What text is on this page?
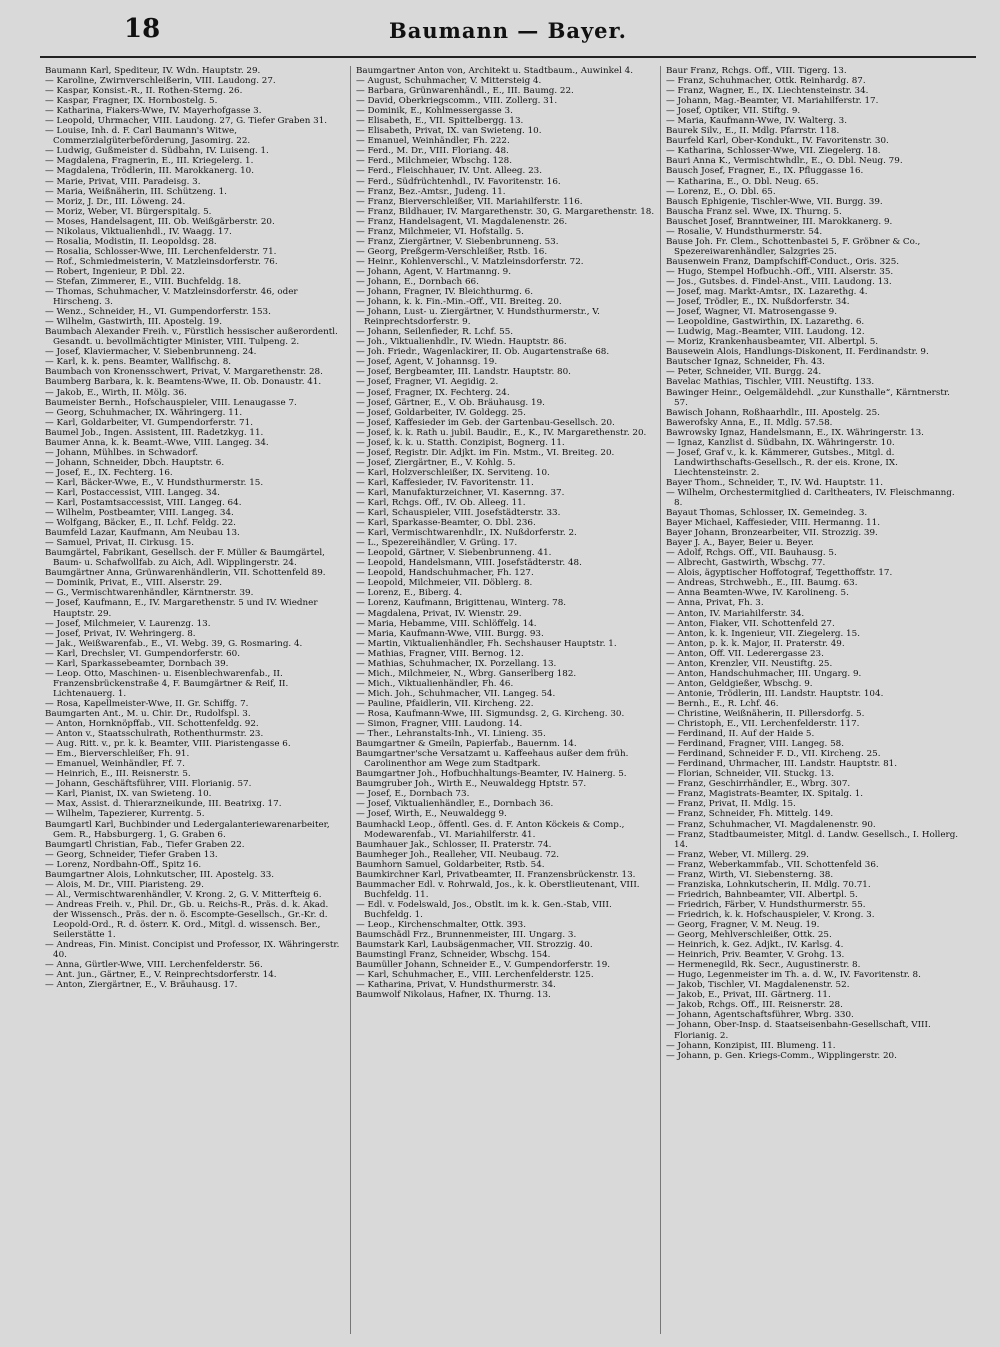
18	Baumann — Bayer.
Baumann Karl, Spediteur, IV. Wdn. Hauptstr. 29.
— Karoline, Zwirnverschleißerin, VIII. Laudong. 27.
— Kaspar, Konsist.-R., II. Rothen-Sterng. 26.
— Kaspar, Fragner, IX. Hornbostelg. 5.
— Katharina, Fiakers-Wwe, IV. Mayerhofgasse 3.
— Leopold, Uhrmacher, VIII. Laudong. 27, G. Tiefer Graben 31.
— Louise, Inh. d. F. Carl Baumann's Witwe, Commerzialgüterbeförderung, Jasomirg. 22.
— Ludwig, Gußmeister d. Südbahn, IV. Luiseng. 1.
— Magdalena, Fragnerin, E., III. Kriegelerg. 1.
— Magdalena, Trödlerin, III. Marokkanerg. 10.
— Marie, Privat, VIII. Paradeisg. 3.
— Maria, Weißnäherin, III. Schützeng. 1.
— Moriz, J. Dr., III. Löweng. 24.
— Moriz, Weber, VI. Bürgerspitalg. 5.
— Moses, Handelsagent, III. Ob. Weißgärberstr. 20.
— Nikolaus, Viktualienhdl., IV. Waagg. 17.
— Rosalia, Modistin, II. Leopoldsg. 28.
— Rosalia, Schlosser-Wwe, III. Lerchenfelderstr. 71.
— Rof., Schmiedmeisterin, V. Matzleinsdorferstr. 76.
— Robert, Ingenieur, P. Dbl. 22.
— Stefan, Zimmerer, E., VIII. Buchfeldg. 18.
— Thomas, Schuhmacher, V. Matzleinsdorferstr. 46, oder Hirscheng. 3.
— Wenz., Schneider, H., VI. Gumpendorferstr. 153.
— Wilhelm, Gastwirth, III. Apostelg. 19.
Baumbach Alexander Freih. v., Fürstlich hessischer außerordentl. Gesandt. u. bevollmächtigter Minister, VIII. Tulpeng. 2.
— Josef, Klaviermacher, V. Siebenbrunneng. 24.
— Karl, k. k. pens. Beamter, Wallfischg. 8.
Baumbach von Kronensschwert, Privat, V. Margarethenstr. 28.
Baumberg Barbara, k. k. Beamtens-Wwe, II. Ob. Donaustr. 41.
— Jakob, E., Wirth, II. Mölg. 36.
Baumeister Bernh., Hofschauspieler, VIII. Lenaugasse 7.
— Georg, Schuhmacher, IX. Währingerg. 11.
— Karl, Goldarbeiter, VI. Gumpendorferstr. 71.
Baumel Job., Ingen. Assistent, III. Radetzkyg. 11.
Baumer Anna, k. k. Beamt.-Wwe, VIII. Langeg. 34.
— Johann, Mühlbes. in Schwadorf.
— Johann, Schneider, Dbch. Hauptstr. 6.
— Josef, E., IX. Fechterg. 16.
— Karl, Bäcker-Wwe, E., V. Hundsthurmerstr. 15.
— Karl, Postaccessist, VIII. Langeg. 34.
— Karl, Postamtsaccessist, VIII. Langeg. 64.
— Wilhelm, Postbeamter, VIII. Langeg. 34.
— Wolfgang, Bäcker, E., II. Lchf. Feldg. 22.
Baumfeld Lazar, Kaufmann, Am Neubau 13.
— Samuel, Privat, II. Cirkusg. 15.
Baumgärtel, Fabrikant, Gesellsch. der F. Müller & Baumgärtel, Baum- u. Schafwollfab. zu Aich, Adl. Wipplingerstr. 24.
Baumgärtner Anna, Grünwarenhändlerin, VII. Schottenfeld 89.
— Dominik, Privat, E., VIII. Alserstr. 29.
— G., Vermischtwarenhändler, Kärntnerstr. 39.
— Josef, Kaufmann, E., IV. Margarethenstr. 5 und IV. Wiedner Hauptstr. 29.
— Josef, Milchmeier, V. Laurenzg. 13.
— Josef, Privat, IV. Wehringerg. 8.
— Jak., Weißwarenfab., E., VI. Webg. 39, G. Rosmaring. 4.
— Karl, Drechsler, VI. Gumpendorferstr. 60.
— Karl, Sparkassebeamter, Dornbach 39.
— Leop. Otto, Maschinen- u. Eisenblechwarenfab., II. Franzensbrückenstraße 4, F. Baumgärtner & Reif, II. Lichtenauerg. 1.
— Rosa, Kapellmeister-Wwe, II. Gr. Schiffg. 7.
Baumgarten Ant., M. u. Chir. Dr., Rudolfspl. 3.
— Anton, Hornknöpffab., VII. Schottenfeldg. 92.
— Anton v., Staatsschulrath, Rothenthurmstr. 23.
— Aug. Ritt. v., pr. k. k. Beamter, VIII. Piaristengasse 6.
— Em., Bierverschleißer, Fh. 91.
— Emanuel, Weinhändler, Ff. 7.
— Heinrich, E., III. Reisnerstr. 5.
— Johann, Geschäftsführer, VIII. Florianig. 57.
— Karl, Pianist, IX. van Swieteng. 10.
— Max, Assist. d. Thierarzneikunde, III. Beatrixg. 17.
— Wilhelm, Tapezierer, Kurrentg. 5.
Baumgartl Karl, Buchbinder und Ledergalanteriewarenarbeiter, Gem. R., Habsburgerg. 1, G. Graben 6.
Baumgartl Christian, Fab., Tiefer Graben 22.
— Georg, Schneider, Tiefer Graben 13.
— Lorenz, Nordbahn-Off., Spitz 16.
Baumgartner Alois, Lohnkutscher, III. Apostelg. 33.
— Alois, M. Dr., VIII. Piaristeng. 29.
— Al., Vermischtwarenhändler, V. Krong. 2, G. V. Mitterfteig 6.
— Andreas Freih. v., Phil. Dr., Gb. u. Reichs-R., Präs. d. k. Akad. der Wissensch., Präs. der n. ö. Escompte-Gesellsch., Gr.-Kr. d. Leopold-Ord., R. d. österr. K. Ord., Mitgl. d. wissensch. Ber., Seilerstätte 1.
— Andreas, Fin. Minist. Concipist und Professor, IX. Währingerstr. 40.
— Anna, Gürtler-Wwe, VIII. Lerchenfelderstr. 56.
— Ant. jun., Gärtner, E., V. Reinprechtsdorferstr. 14.
— Anton, Ziergärtner, E., V. Bräuhausg. 17.
Baumgartner Anton von, Architekt u. Stadtbaum., Auwinkel 4.
— August, Schuhmacher, V. Mittersteig 4.
— Barbara, Grünwarenhändl., E., III. Baumg. 22.
— David, Oberkriegscomm., VIII. Zollerg. 31.
— Dominik, E., Kohlmessergasse 3.
— Elisabeth, E., VII. Spittelbergg. 13.
— Elisabeth, Privat, IX. van Swieteng. 10.
— Emanuel, Weinhändler, Fh. 222.
— Ferd., M. Dr., VIII. Floriang. 48.
— Ferd., Milchmeier, Wbschg. 128.
— Ferd., Fleischhauer, IV. Unt. Alleeg. 23.
— Ferd., Südfrüchtenhdl., IV. Favoritenstr. 16.
— Franz, Bez.-Amtsr., Judeng. 11.
— Franz, Bierverschleißer, VII. Mariahilferstr. 116.
— Franz, Bildhauer, IV. Margarethenstr. 30, G. Margarethenstr. 18.
— Franz, Handelsagent, VI. Magdalenenstr. 26.
— Franz, Milchmeier, VI. Hofstallg. 5.
— Franz, Ziergärtner, V. Siebenbrunneng. 53.
— Georg, Preßgerm-Verschleißer, Rstb. 16.
— Heinr., Kohlenverschl., V. Matzleinsdorferstr. 72.
— Johann, Agent, V. Hartmanng. 9.
— Johann, E., Dornbach 66.
— Johann, Fragner, IV. Bleichthurmg. 6.
— Johann, k. k. Fin.-Min.-Off., VII. Breiteg. 20.
— Johann, Lust- u. Ziergärtner, V. Hundsthurmerstr., V. Reinprechtsdorferstr. 9.
— Johann, Seilenfieder, R. Lchf. 55.
— Joh., Viktualienhdlr., IV. Wiedn. Hauptstr. 86.
— Joh. Friedr., Wagenlackirer, II. Ob. Augartenstraße 68.
— Josef, Agent, V. Johannsg. 19.
— Josef, Bergbeamter, III. Landstr. Hauptstr. 80.
— Josef, Fragner, VI. Aegidig. 2.
— Josef, Fragner, IX. Fechterg. 24.
— Josef, Gärtner, E., V. Ob. Bräuhausg. 19.
— Josef, Goldarbeiter, IV. Goldegg. 25.
— Josef, Kaffesieder im Geb. der Gartenbau-Gesellsch. 20.
— Josef, k. k. Rath u. jubil. Baudir., E., K., IV. Margarethenstr. 20.
— Josef, k. k. u. Statth. Conzipist, Bognerg. 11.
— Josef, Registr. Dir. Adjkt. im Fin. Mstm., VI. Breiteg. 20.
— Josef, Ziergärtner, E., V. Kohlg. 5.
— Karl, Holzverschleißer, IX. Serviteng. 10.
— Karl, Kaffesieder, IV. Favoritenstr. 11.
— Karl, Manufakturzeichner, VI. Kasernng. 37.
— Karl, Rchgs. Off., IV. Ob. Alleeg. 11.
— Karl, Schauspieler, VIII. Josefstädterstr. 33.
— Karl, Sparkasse-Beamter, O. Dbl. 236.
— Karl, Vermischtwarenhdlr., IX. Nußdorferstr. 2.
— L., Spezereihändler, V. Grüng. 17.
— Leopold, Gärtner, V. Siebenbrunneng. 41.
— Leopold, Handelsmann, VIII. Josefstädterstr. 48.
— Leopold, Handschuhmacher, Fh. 127.
— Leopold, Milchmeier, VII. Döblerg. 8.
— Lorenz, E., Biberg. 4.
— Lorenz, Kaufmann, Brigittenau, Winterg. 78.
— Magdalena, Privat, IV. Wienstr. 29.
— Maria, Hebamme, VIII. Schlöffelg. 14.
— Maria, Kaufmann-Wwe, VIII. Burgg. 93.
— Martin, Viktualienhändler, Fh. Sechshauser Hauptstr. 1.
— Mathias, Fragner, VIII. Bernog. 12.
— Mathias, Schuhmacher, IX. Porzellang. 13.
— Mich., Milchmeier, N., Wbrg. Ganserlberg 182.
— Mich., Viktualienhändler, Fh. 46.
— Mich. Joh., Schuhmacher, VII. Langeg. 54.
— Pauline, Pfaidlerin, VII. Kircheng. 22.
— Rosa, Kaufmann-Wwe, III. Sigmundsg. 2, G. Kircheng. 30.
— Simon, Fragner, VIII. Laudong. 14.
— Ther., Lehranstalts-Inh., VI. Linieng. 35.
Baumgartner & Gmeiln, Papierfab., Bauernm. 14.
Baumgartner'sche Versatzamt u. Kaffeehaus außer dem früh. Carolinenthor am Wege zum Stadtpark.
Baumgartner Joh., Hofbuchhaltungs-Beamter, IV. Hainerg. 5.
Baumgruber Joh., Wirth E., Neuwaldegg Hptstr. 57.
— Josef, E., Dornbach 73.
— Josef, Viktualienhändler, E., Dornbach 36.
— Josef, Wirth, E., Neuwaldegg 9.
Baumhackl Leop., öffentl. Ges. d. F. Anton Köckeis & Comp., Modewarenfab., VI. Mariahilferstr. 41.
Baumhauer Jak., Schlosser, II. Praterstr. 74.
Baumheger Joh., Realleher, VII. Neubaug. 72.
Baumhorn Samuel, Goldarbeiter, Rstb. 54.
Baumkirchner Karl, Privatbeamter, II. Franzensbrückenstr. 13.
Baummacher Edl. v. Rohrwald, Jos., k. k. Oberstlieutenant, VIII. Buchfeldg. 11.
— Edl. v. Fodelswald, Jos., Obstlt. im k. k. Gen.-Stab, VIII. Buchfeldg. 1.
— Leop., Kirchenschmalter, Ottk. 393.
Baumschädl Frz., Brunnenmeister, III. Ungarg. 3.
Baumstark Karl, Laubsägenmacher, VII. Strozzig. 40.
Baumstingl Franz, Schneider, Wbschg. 154.
Baumüller Johann, Schneider E., V. Gumpendorferstr. 19.
— Karl, Schuhmacher, E., VIII. Lerchenfelderstr. 125.
— Katharina, Privat, V. Hundsthurmerstr. 34.
Baumwolf Nikolaus, Hafner, IX. Thurng. 13.
Baur Franz, Rchgs. Off., VIII. Tigerg. 13.
— Franz, Schuhmacher, Ottk. Reinhardg. 87.
— Franz, Wagner, E., IX. Liechtensteinstr. 34.
— Johann, Mag.-Beamter, VI. Mariahilferstr. 17.
— Josef, Optiker, VII. Stiftg. 9.
— Maria, Kaufmann-Wwe, IV. Walterg. 3.
Baurek Silv., E., II. Mdlg. Pfarrstr. 118.
Baurfeld Karl, Ober-Kondukt., IV. Favoritenstr. 30.
— Katharina, Schlosser-Wwe, VII. Ziegelerg. 18.
Bauri Anna K., Vermischtwhdlr., E., O. Dbl. Neug. 79.
Bausch Josef, Fragner, E., IX. Pfluggasse 16.
— Katharina, E., O. Dbl. Neug. 65.
— Lorenz, E., O. Dbl. 65.
Bausch Ephigenie, Tischler-Wwe, VII. Burgg. 39.
Bauscha Franz sel. Wwe, IX. Thurng. 5.
Bauschet Josef, Branntweiner, III. Marokkanerg. 9.
— Rosalie, V. Hundsthurmerstr. 54.
Bause Joh. Fr. Clem., Schottenbastei 5, F. Gröbner & Co., Spezereiwarenhändler, Salzgries 25.
Bausenwein Franz, Dampfschiff-Conduct., Oris. 325.
— Hugo, Stempel Hofbuchh.-Off., VIII. Alserstr. 35.
— Jos., Gutsbes. d. Findel-Anst., VIII. Laudong. 13.
— Josef, mag. Markt-Amtsr., IX. Lazarethg. 4.
— Josef, Trödler, E., IX. Nußdorferstr. 34.
— Josef, Wagner, VI. Matrosengasse 9.
— Leopoldine, Gastwirthin, IX. Lazarethg. 6.
— Ludwig, Mag.-Beamter, VIII. Laudong. 12.
— Moriz, Krankenhausbeamter, VII. Albertpl. 5.
Bausewein Alois, Handlungs-Diskonent, II. Ferdinandstr. 9.
Bautscher Ignaz, Schneider, Fh. 43.
— Peter, Schneider, VII. Burgg. 24.
Bavelac Mathias, Tischler, VIII. Neustiftg. 133.
Bawinger Heinr., Oelgemäldehdl. „zur Kunsthalle“, Kärntnerstr. 57.
Bawisch Johann, Roßhaarhdlr., III. Apostelg. 25.
Bawerofsky Anna, E., II. Mdlg. 57.58.
Bawrowsky Ignaz, Handelsmann, E., IX. Währingerstr. 13.
— Ignaz, Kanzlist d. Südbahn, IX. Währingerstr. 10.
— Josef, Graf v., k. k. Kämmerer, Gutsbes., Mitgl. d. Landwirthschafts-Gesellsch., R. der eis. Krone, IX. Liechtensteinstr. 2.
Bayer Thom., Schneider, T., IV. Wd. Hauptstr. 11.
— Wilhelm, Orchestermitglied d. Carltheaters, IV. Fleischmanng. 8.
Bayaut Thomas, Schlosser, IX. Gemeindeg. 3.
Bayer Michael, Kaffesieder, VIII. Hermanng. 11.
Bayer Johann, Bronzearbeiter, VII. Strozzig. 39.
Bayer J. A., Bayer, Beier u. Beyer.
— Adolf, Rchgs. Off., VII. Bauhausg. 5.
— Albrecht, Gastwirth, Wbschg. 77.
— Alois, ägyptischer Hoffotograf, Tegetthoffstr. 17.
— Andreas, Strchwebh., E., III. Baumg. 63.
— Anna Beamten-Wwe, IV. Karolineng. 5.
— Anna, Privat, Fh. 3.
— Anton, IV. Mariahilferstr. 34.
— Anton, Fiaker, VII. Schottenfeld 27.
— Anton, k. k. Ingenieur, VII. Ziegelerg. 15.
— Anton, p. k. k. Major, II. Praterstr. 49.
— Anton, Off. VII. Lederergasse 23.
— Anton, Krenzler, VII. Neustiftg. 25.
— Anton, Handschuhmacher, III. Ungarg. 9.
— Anton, Geldgießer, Wbschg. 9.
— Antonie, Trödlerin, III. Landstr. Hauptstr. 104.
— Bernh., E., R. Lchf. 46.
— Christine, Weißnäherin, II. Pillersdorfg. 5.
— Christoph, E., VII. Lerchenfelderstr. 117.
— Ferdinand, II. Auf der Haide 5.
— Ferdinand, Fragner, VIII. Langeg. 58.
— Ferdinand, Schneider F. D., VII. Kircheng. 25.
— Ferdinand, Uhrmacher, III. Landstr. Hauptstr. 81.
— Florian, Schneider, VII. Stuckg. 13.
— Franz, Geschirrhändler, E., Wbrg. 307.
— Franz, Magistrats-Beamter, IX. Spitalg. 1.
— Franz, Privat, II. Mdlg. 15.
— Franz, Schneider, Fh. Mittelg. 149.
— Franz, Schuhmacher, VI. Magdalenenstr. 90.
— Franz, Stadtbaumeister, Mitgl. d. Landw. Gesellsch., I. Hollerg. 14.
— Franz, Weber, VI. Millerg. 29.
— Franz, Weberkammfab., VII. Schottenfeld 36.
— Franz, Wirth, VI. Siebensterng. 38.
— Franziska, Lohnkutscherin, II. Mdlg. 70.71.
— Friedrich, Bahnbeamter, VII. Albertpl. 5.
— Friedrich, Färber, V. Hundsthurmerstr. 55.
— Friedrich, k. k. Hofschauspieler, V. Krong. 3.
— Georg, Fragner, V. M. Neug. 19.
— Georg, Mehlverschleißer, Ottk. 25.
— Heinrich, k. Gez. Adjkt., IV. Karlsg. 4.
— Heinrich, Priv. Beamter, V. Grohg. 13.
— Hermenegild, Rk. Secr., Augustinerstr. 8.
— Hugo, Legenmeister im Th. a. d. W., IV. Favoritenstr. 8.
— Jakob, Tischler, VI. Magdalenenstr. 52.
— Jakob, E., Privat, III. Gärtnerg. 11.
— Jakob, Rchgs. Off., III. Reisnerstr. 28.
— Johann, Agentschaftsführer, Wbrg. 330.
— Johann, Ober-Insp. d. Staatseisenbahn-Gesellschaft, VIII. Florianig. 2.
— Johann, Konzipist, III. Blumeng. 11.
— Johann, p. Gen. Kriegs-Comm., Wipplingerstr. 20.
